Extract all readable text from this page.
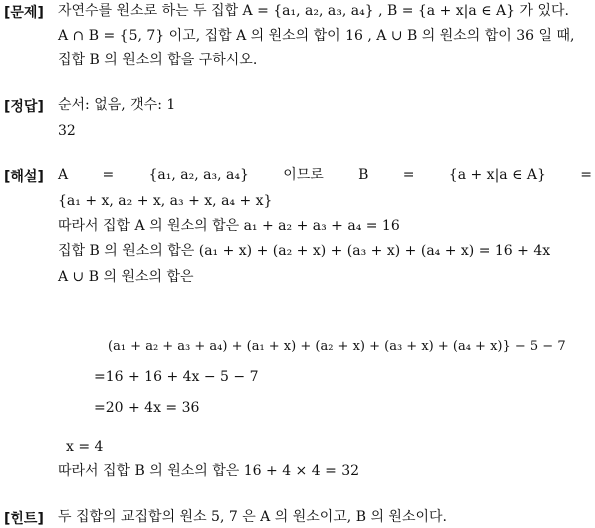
[문제] 자연수를 원소로 하는 두 집합 A = {a₁, a₂, a₃, a₄} , B = {a + x|a ∈ A} 가 있다.
A ∩ B = {5, 7} 이고, 집합 A 의 원소의 합이 16 , A ∪ B 의 원소의 합이 36 일 때,
집합 B 의 원소의 합을 구하시오.
[정답] 순서: 없음, 갯수: 1
32
[해설] A = {a₁, a₂, a₃, a₄} 이므로 B = {a + x|a ∈ A} =
{a₁ + x, a₂ + x, a₃ + x, a₄ + x}
따라서 집합 A 의 원소의 합은 a₁ + a₂ + a₃ + a₄ = 16
집합 B 의 원소의 합은 (a₁ + x) + (a₂ + x) + (a₃ + x) + (a₄ + x) = 16 + 4x
A ∪ B 의 원소의 합은
(a₁ + a₂ + a₃ + a₄) + (a₁ + x) + (a₂ + x) + (a₃ + x) + (a₄ + x)} − 5 − 7
=16 + 16 + 4x − 5 − 7
=20 + 4x = 36
x = 4
따라서 집합 B 의 원소의 합은 16 + 4 × 4 = 32
[힌트] 두 집합의 교집합의 원소 5, 7 은 A 의 원소이고, B 의 원소이다.
